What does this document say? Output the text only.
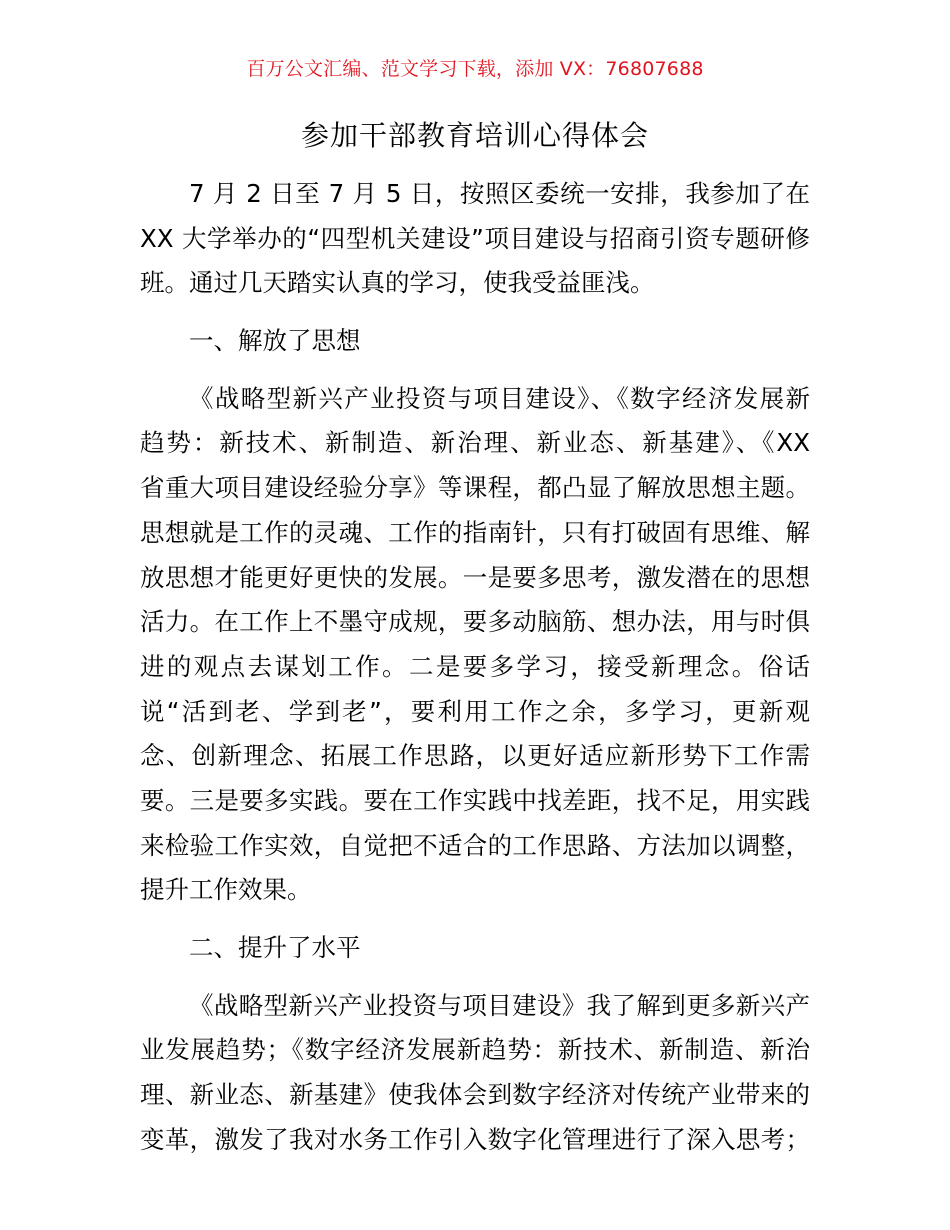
百万公文汇编、范文学习下载，添加 VX：76807688
参加干部教育培训心得体会
7 月 2 日至 7 月 5 日，按照区委统一安排，我参加了在
XX 大学举办的“四型机关建设”项目建设与招商引资专题研修
班。通过几天踏实认真的学习，使我受益匪浅。
一、解放了思想
《战略型新兴产业投资与项目建设》、《数字经济发展新
趋势：新技术、新制造、新治理、新业态、新基建》、《XX
省重大项目建设经验分享》等课程，都凸显了解放思想主题。
思想就是工作的灵魂、工作的指南针，只有打破固有思维、解
放思想才能更好更快的发展。一是要多思考，激发潜在的思想
活力。在工作上不墨守成规，要多动脑筋、想办法，用与时俱
进的观点去谋划工作。二是要多学习，接受新理念。俗话
说“活到老、学到老”，要利用工作之余，多学习，更新观
念、创新理念、拓展工作思路，以更好适应新形势下工作需
要。三是要多实践。要在工作实践中找差距，找不足，用实践
来检验工作实效，自觉把不适合的工作思路、方法加以调整，
提升工作效果。
二、提升了水平
《战略型新兴产业投资与项目建设》我了解到更多新兴产
业发展趋势；《数字经济发展新趋势：新技术、新制造、新治
理、新业态、新基建》使我体会到数字经济对传统产业带来的
变革，激发了我对水务工作引入数字化管理进行了深入思考；
